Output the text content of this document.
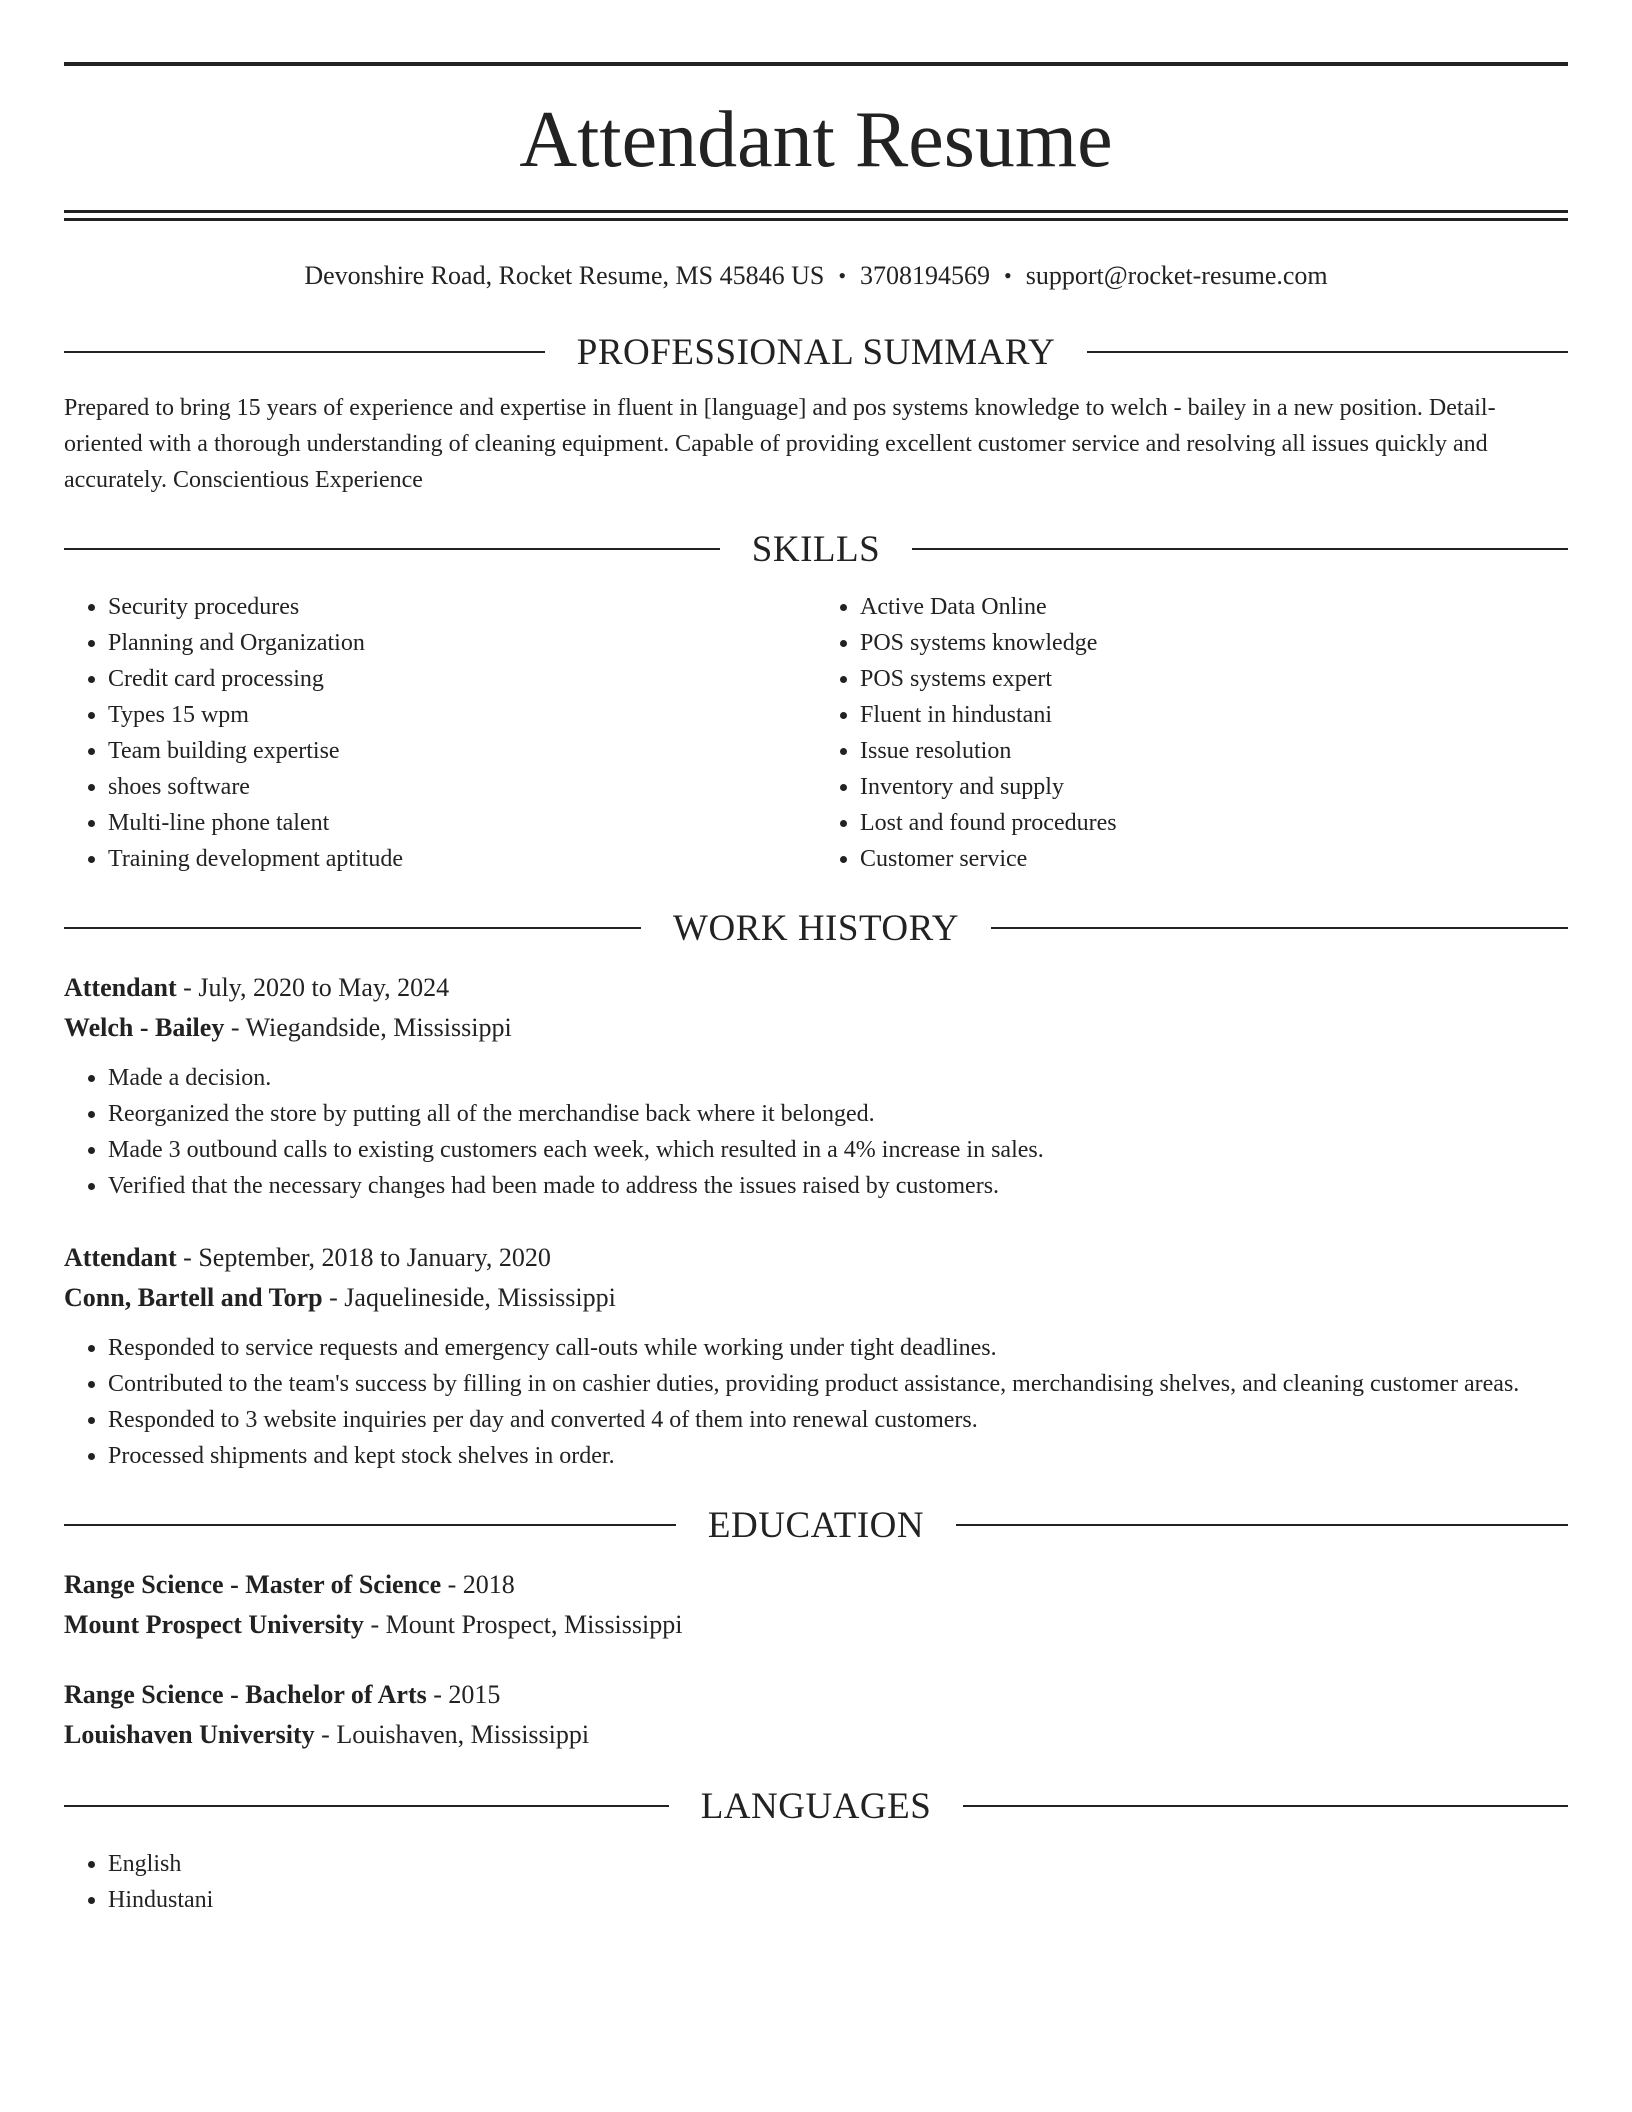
Attendant Resume
Devonshire Road, Rocket Resume, MS 45846 US • 3708194569 • support@rocket-resume.com
PROFESSIONAL SUMMARY
Prepared to bring 15 years of experience and expertise in fluent in [language] and pos systems knowledge to welch - bailey in a new position. Detail-oriented with a thorough understanding of cleaning equipment. Capable of providing excellent customer service and resolving all issues quickly and accurately. Conscientious Experience
SKILLS
• Security procedures
• Planning and Organization
• Credit card processing
• Types 15 wpm
• Team building expertise
• shoes software
• Multi-line phone talent
• Training development aptitude
• Active Data Online
• POS systems knowledge
• POS systems expert
• Fluent in hindustani
• Issue resolution
• Inventory and supply
• Lost and found procedures
• Customer service
WORK HISTORY
Attendant - July, 2020 to May, 2024
Welch - Bailey - Wiegandside, Mississippi
• Made a decision.
• Reorganized the store by putting all of the merchandise back where it belonged.
• Made 3 outbound calls to existing customers each week, which resulted in a 4% increase in sales.
• Verified that the necessary changes had been made to address the issues raised by customers.
Attendant - September, 2018 to January, 2020
Conn, Bartell and Torp - Jaquelineside, Mississippi
• Responded to service requests and emergency call-outs while working under tight deadlines.
• Contributed to the team's success by filling in on cashier duties, providing product assistance, merchandising shelves, and cleaning customer areas.
• Responded to 3 website inquiries per day and converted 4 of them into renewal customers.
• Processed shipments and kept stock shelves in order.
EDUCATION
Range Science - Master of Science - 2018
Mount Prospect University - Mount Prospect, Mississippi
Range Science - Bachelor of Arts - 2015
Louishaven University - Louishaven, Mississippi
LANGUAGES
• English
• Hindustani
